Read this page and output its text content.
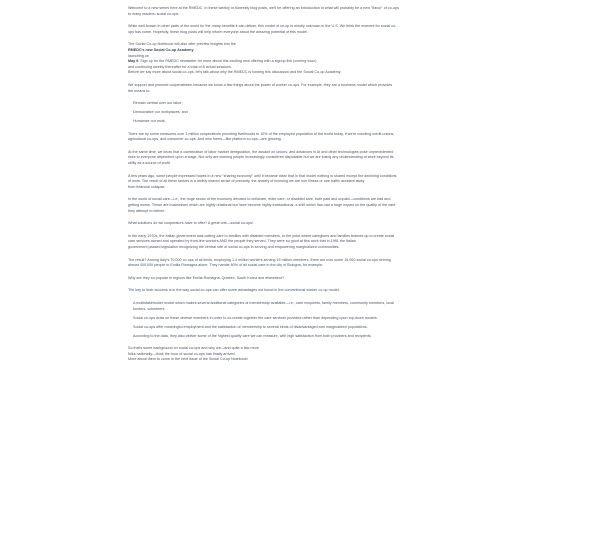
Welcome to a new series here at the RMEDC. In these weekly or biweekly blog posts, we'll be offering an introduction to what will probably be a new "flavor" of co-ops
to many readers: social co-ops.
While well-known in other parts of the world for the many benefits it can deliver, this model of co-op is mostly unknown in the U.S. We think the moment for social co-
ops has come. Hopefully, these blog posts will help inform everyone about the amazing potential of this model.
The Social Co-op Notebook will also offer preview insights into the
RMEDC's new Social Co-op Academy
launching on
May 9. Sign up for the RMEDC newsletter for more about this exciting new offering with a signup link (coming soon)
and continuing weekly thereafter for a total of 8 virtual sessions.
Before we say more about social co-ops, let's talk about why the RMEDC is hosting this discussion and the Social Co-op Academy.
We support and promote cooperativism because we know a few things about the power of worker co-ops. For example, they are a business model which provides
the means to:
Remain central over our labor;
Democratize our workplaces; and
Humanize our work.
There are by some measures over 3 million cooperatives providing livelihoods to 10% of the employed population of the world today, if we're counting credit unions,
agricultural co-ops, and consumer co-ops. And new forms—like platform co-ops—are growing.
At the same time, we know that a combination of labor market deregulation, the assault on unions, and advances in AI and other technologies pose unprecedented
risks to everyone dependent upon a wage. Not only are working people increasingly considered disposable but we are losing any understanding of work beyond its
utility as a source of profit.
A few years ago, some people expressed hopes in a new "sharing economy" until it became clear that in that model nothing is shared except the declining conditions
of work. The result of all these factors is a widely shared sense of precarity, the anxiety of knowing we are one illness or one traffic accident away
from financial collapse.
In the world of social care—i.e., the huge sector of the economy devoted to childcare, elder care, or disabled care, both paid and unpaid—conditions are bad and
getting worse. These are businesses which are highly relational but have become highly transactional, a shift which has had a huge impact on the quality of the care
they attempt to deliver.
What solutions do we cooperators have to offer? A great one—social co-ops!
In the early 1970s, the Italian government was cutting care to families with disabled members, to the point where caregivers and families teamed up to create social
care services owned and operated by front-line workers AND the people they served. They were so good at this work that in 1991 the Italian
government passed legislation recognizing the central role of social co-ops in serving and empowering marginalized communities.
The result? Among Italy's 70,000 co-ops of all kinds, employing 1.4 million workers serving 15 million members, there are now some 15,000 social co-ops serving
almost 400,000 people in Emilia Romagna alone. They handle 60% of all social care in the city of Bologna, for example.
Why are they so popular in regions like Emilia Romagna, Quebec, South Korea and elsewhere?
The key to their success is in the way social co-ops can offer some advantages not found in the conventional worker co-op model:
A multistakeholder model which makes several additional categories of membership available—i.e., care recipients, family members, community members, local
funders, volunteers.
Social co-ops draw on these diverse members in order to co-create together the care services provided rather than depending upon top-down models.
Social co-ops offer meaningful employment and the satisfaction of membership to several kinds of disadvantaged and marginalized populations.
According to the data, they also deliver some of the highest quality care we can measure, with high satisfaction from both providers and recipients.
So that's some background on social co-ops and why we—and quite a few more
folks nationally—think the hour of social co-ops has finally arrived.
More about them to come in the next issue of the Social Co-op Notebook!
